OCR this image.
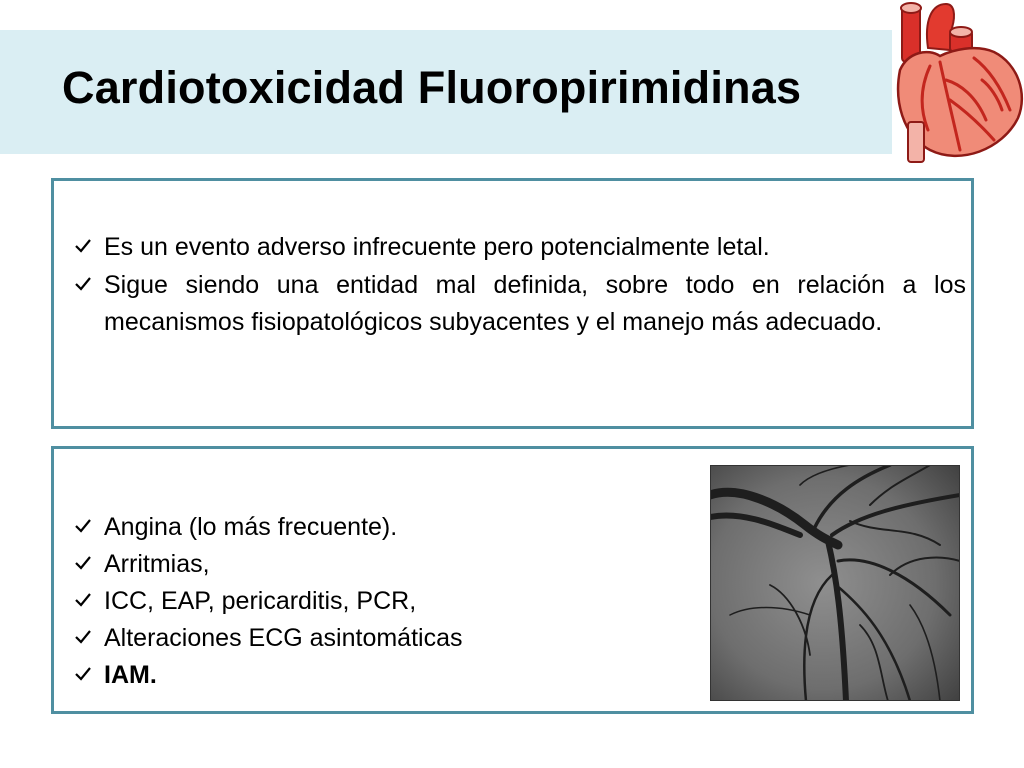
Cardiotoxicidad Fluoropirimidinas
Es un evento adverso infrecuente pero potencialmente letal.
Sigue siendo una entidad mal definida, sobre todo en relación a los mecanismos fisiopatológicos subyacentes y el manejo más adecuado.
Angina (lo más frecuente).
Arritmias,
ICC, EAP, pericarditis, PCR,
Alteraciones ECG asintomáticas
IAM.
